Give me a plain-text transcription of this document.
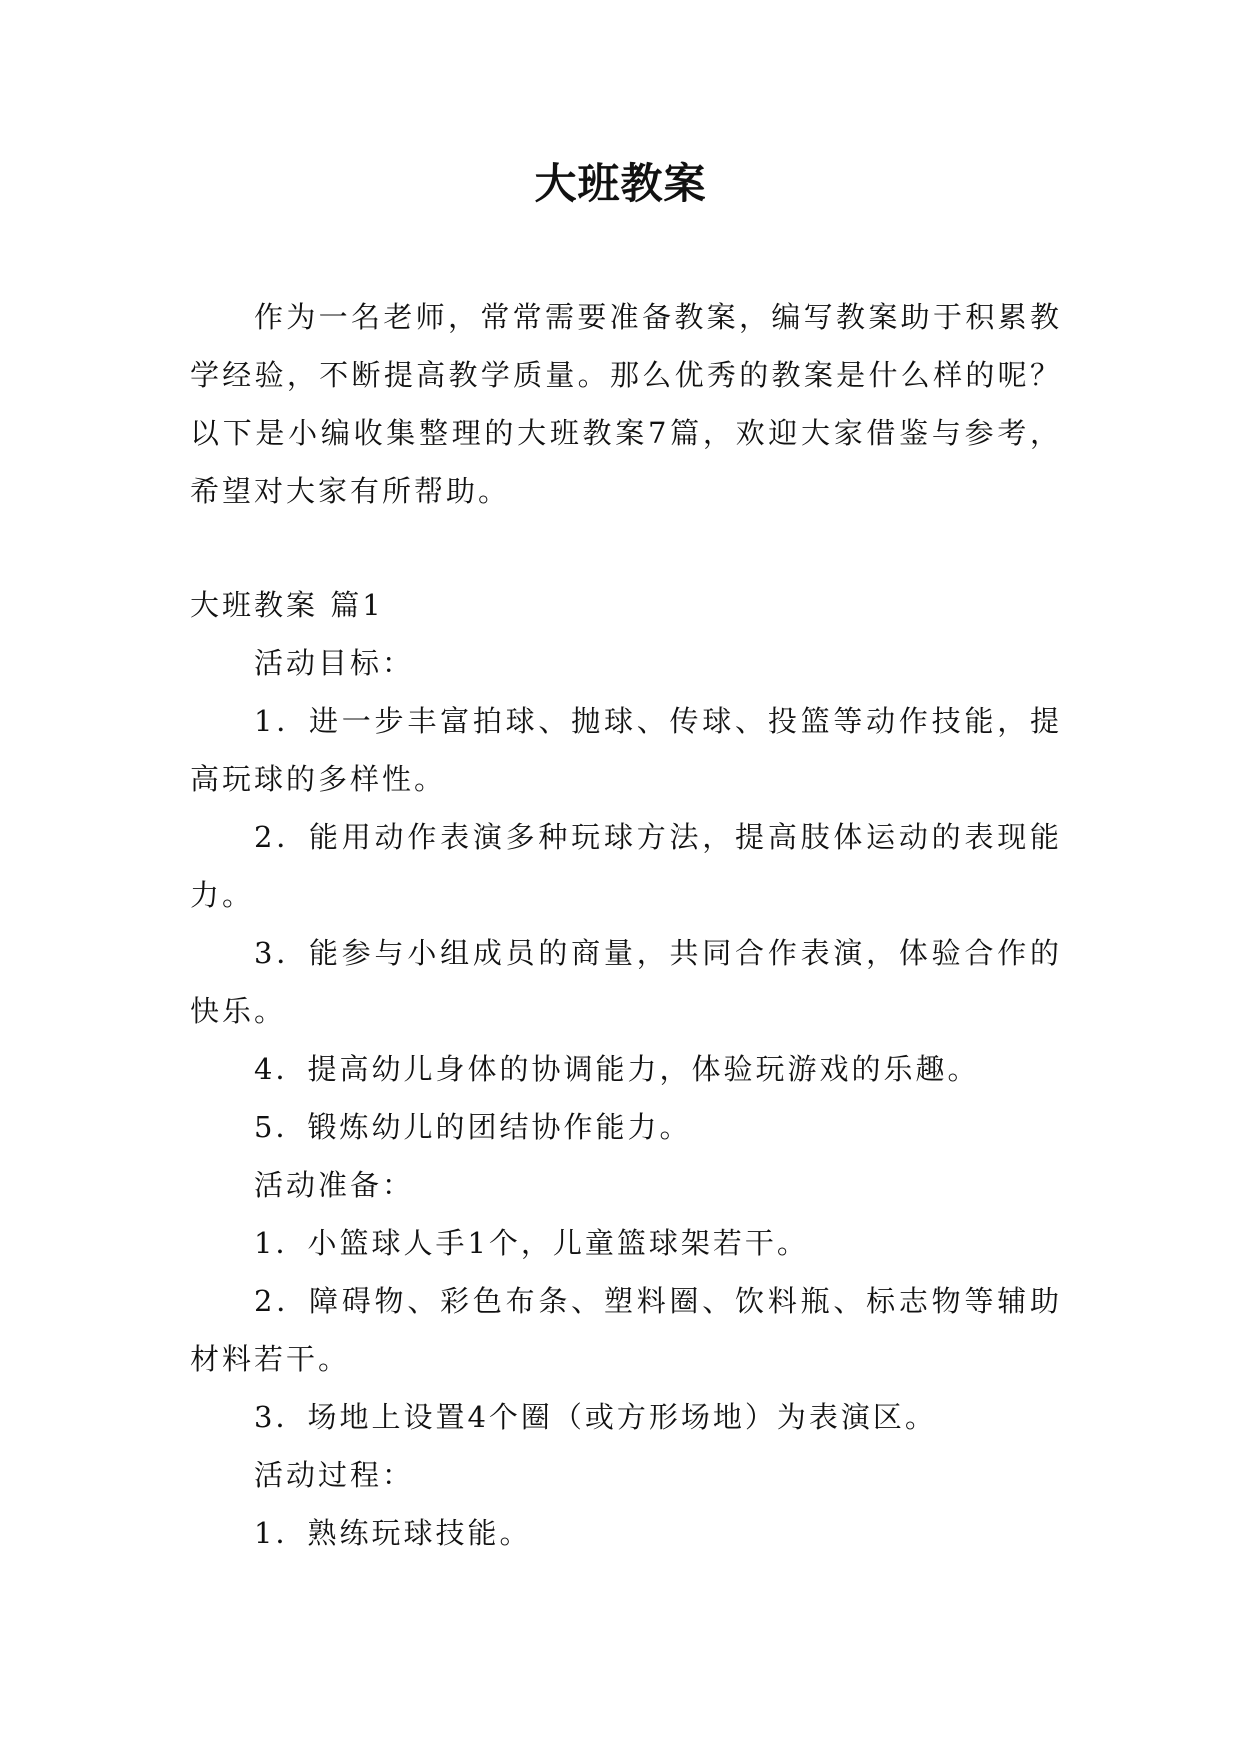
大班教案

作为一名老师，常常需要准备教案，编写教案助于积累教学经验，不断提高教学质量。那么优秀的教案是什么样的呢？以下是小编收集整理的大班教案7篇，欢迎大家借鉴与参考，希望对大家有所帮助。

大班教案 篇1

活动目标：

1．进一步丰富拍球、抛球、传球、投篮等动作技能，提高玩球的多样性。

2．能用动作表演多种玩球方法，提高肢体运动的表现能力。

3．能参与小组成员的商量，共同合作表演，体验合作的快乐。

4．提高幼儿身体的协调能力，体验玩游戏的乐趣。

5．锻炼幼儿的团结协作能力。

活动准备：

1．小篮球人手1个，儿童篮球架若干。

2．障碍物、彩色布条、塑料圈、饮料瓶、标志物等辅助材料若干。

3．场地上设置4个圈（或方形场地）为表演区。

活动过程：

1．熟练玩球技能。
